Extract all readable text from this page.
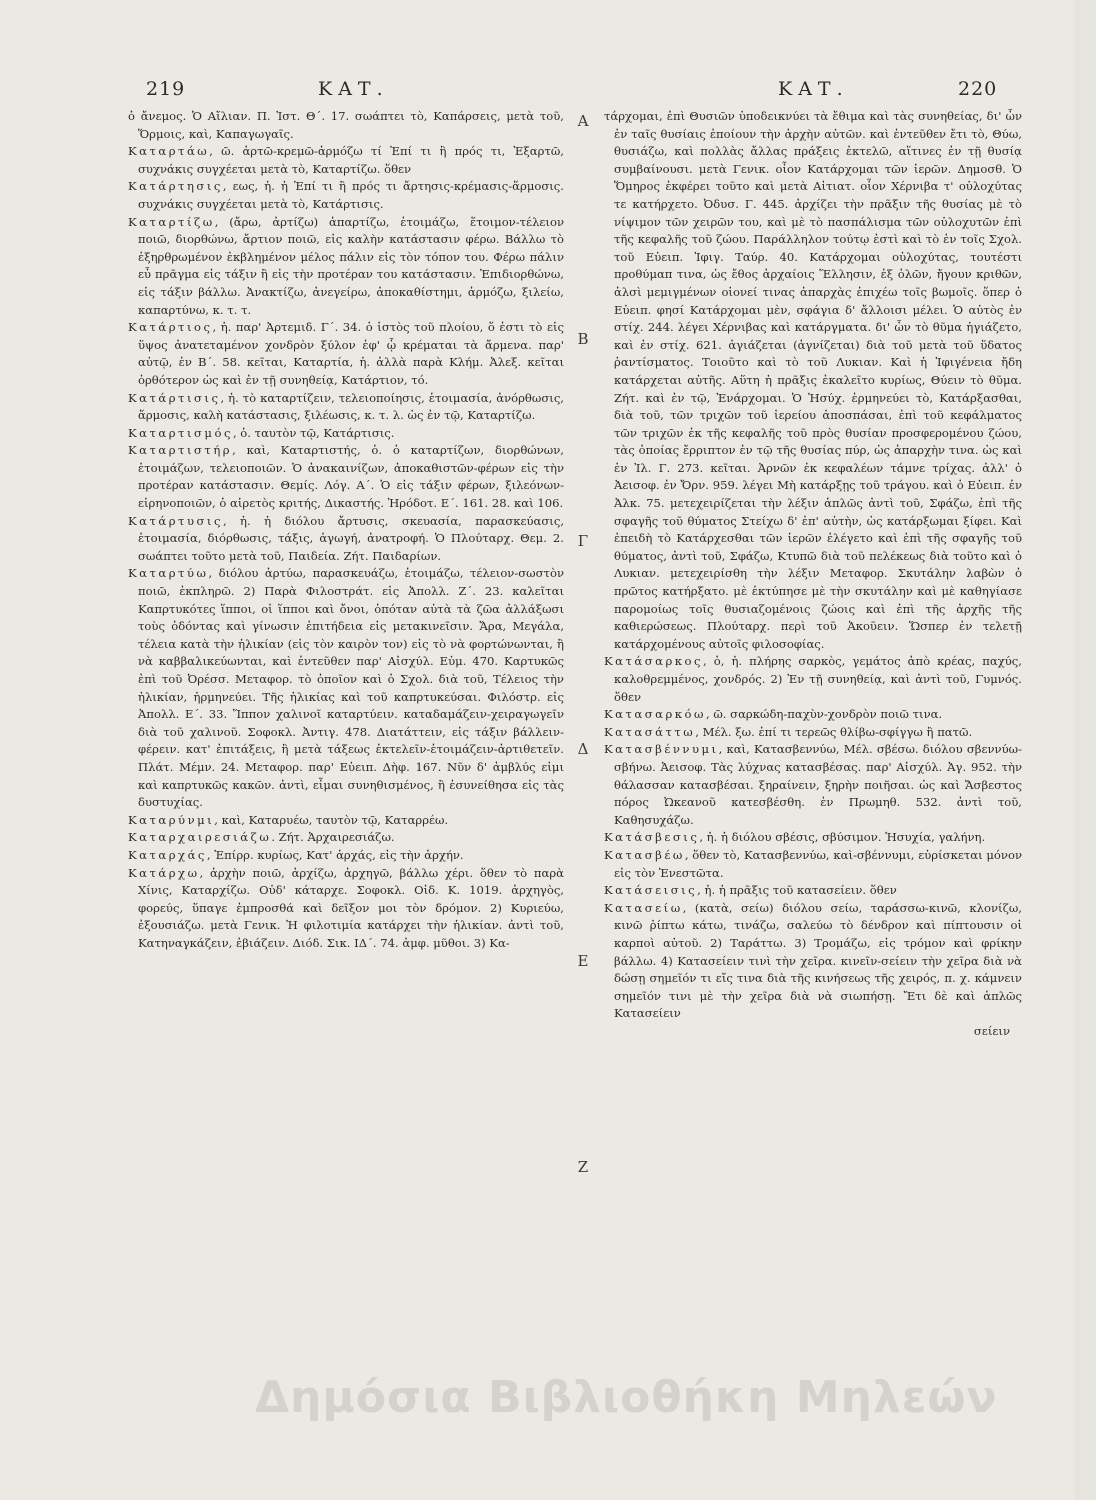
219	ΚΑΤ.	ΚΑΤ.	220

ὁ ἄνεμος. Ὁ Αἴλιαν. Π. Ἱστ. Θ΄. 17. σωάπτει τὸ, Καπάρσεις, μετὰ τοῦ, Ὅρμοις, καὶ, Καπαγωγαῖς.

Καταρτάω, ῶ. ἀρτῶ-κρεμῶ-ἁρμόζω τί Ἐπί τι ἢ πρός τι, Ἐξαρτῶ, συχνάκις συγχέεται μετὰ τὸ, Καταρτίζω. ὅθεν

Κατάρτησις, εως, ἡ. ἡ Ἐπί τι ἢ πρός τι ἄρτησις-κρέμασις-ἅρμοσις. συχνάκις συγχέεται μετὰ τὸ, Κατάρτισις.

Καταρτίζω, (ἄρω, ἀρτίζω) ἀπαρτίζω, ἑτοιμάζω, ἕτοιμον-τέλειον ποιῶ, διορθώνω, ἄρτιον ποιῶ, εἰς καλὴν κατάστασιν φέρω. Βάλλω τὸ ἐξηρθρωμένον ἐκβλημένον μέλος πάλιν εἰς τὸν τόπον του. Φέρω πάλιν εὖ πρᾶγμα εἰς τάξιν ἢ εἰς τὴν προτέραν του κατάστασιν. Ἐπιδιορθώνω, εἰς τάξιν βάλλω. Ἀνακτίζω, ἀνεγείρω, ἀποκαθίστημι, ἁρμόζω, ξιλείω, καπαρτύνω, κ. τ. τ.

Κατάρτιος, ἡ. παρ' Ἀρτεμιδ. Γ΄. 34. ὁ ἱστὸς τοῦ πλοίου, ὅ ἐστι τὸ εἰς ὕψος ἀνατεταμένον χονδρὸν ξύλον ἐφ' ᾧ κρέμαται τὰ ἄρμενα. παρ' αὐτῷ, ἐν Β΄. 58. κεῖται, Καταρτία, ἡ. ἀλλὰ παρὰ Κλήμ. Ἀλεξ. κεῖται ὀρθότερον ὡς καὶ ἐν τῇ συνηθείᾳ, Κατάρτιον, τό.

Κατάρτισις, ἡ. τὸ καταρτίζειν, τελειοποίησις, ἑτοιμασία, ἀνόρθωσις, ἅρμοσις, καλὴ κατάστασις, ξιλέωσις, κ. τ. λ. ὡς ἐν τῷ, Καταρτίζω.

Καταρτισμός, ὁ. ταυτὸν τῷ, Κατάρτισις.

Καταρτιστήρ, καὶ, Καταρτιστής, ὁ. ὁ καταρτίζων, διορθώνων, ἑτοιμάζων, τελειοποιῶν. Ὁ ἀνακαινίζων, ἀποκαθιστῶν-φέρων εἰς τὴν προτέραν κατάστασιν. Θεμίς. Λόγ. Α΄. Ὁ εἰς τάξιν φέρων, ξιλεόνων-εἰρηνοποιῶν, ὁ αἱρετὸς κριτής, Δικαστής. Ἡρόδοτ. Ε΄. 161. 28. καὶ 106.

Κατάρτυσις, ἡ. ἡ διόλου ἄρτυσις, σκευασία, παρασκεύασις, ἑτοιμασία, διόρθωσις, τάξις, ἀγωγή, ἀνατροφή. Ὁ Πλούταρχ. Θεμ. 2. σωάπτει τοῦτο μετὰ τοῦ, Παιδεία. Ζήτ. Παιδαρίων.

Καταρτύω, διόλου ἀρτύω, παρασκευάζω, ἑτοιμάζω, τέλειον-σωστὸν ποιῶ, ἐκπληρῶ. 2) Παρὰ Φιλοστράτ. εἰς Ἀπολλ. Ζ΄. 23. καλεῖται Καπρτυκότες ἵπποι, οἱ ἵπποι καὶ ὄνοι, ὁπόταν αὐτὰ τὰ ζῶα ἀλλάξωσι τοὺς ὀδόντας καὶ γίνωσιν ἐπιτήδεια εἰς μετακινεῖσιν. Ἄρα, Μεγάλα, τέλεια κατὰ τὴν ἡλικίαν (εἰς τὸν καιρὸν τον) εἰς τὸ νὰ φορτώνωνται, ἢ νὰ καββαλικεύωνται, καὶ ἐντεῦθεν παρ' Αἰσχύλ. Εὐμ. 470. Καρτυκῶς ἐπὶ τοῦ Ὀρέσσ. Μεταφορ. τὸ ὁποῖον καὶ ὁ Σχολ. διὰ τοῦ, Τέλειος τὴν ἡλικίαν, ἡρμηνεύει. Τῆς ἡλικίας καὶ τοῦ καπρτυκεύσαι. Φιλόστρ. εἰς Ἀπολλ. Ε΄. 33. Ἵππον χαλινοῖ καταρτύειν. καταδαμάζειν-χειραγωγεῖν διὰ τοῦ χαλινοῦ. Σοφοκλ. Ἀντιγ. 478. Διατάττειν, εἰς τάξιν βάλλειν-φέρειν. κατ' ἐπιτάξεις, ἢ μετὰ τάξεως ἐκτελεῖν-ἑτοιμάζειν-ἀρτιθετεῖν. Πλάτ. Μέμν. 24. Μεταφορ. παρ' Εὐειπ. Δὴφ. 167. Νῦν δ' ἀμβλύς εἰμι καὶ καπρτυκῶς κακῶν. ἀντὶ, εἶμαι συνηθισμένος, ἢ ἐσυνείθησα εἰς τὰς δυστυχίας.

Καταρύνμι, καὶ, Καταρυέω, ταυτὸν τῷ, Καταρρέω.

Καταρχαιρεσιάζω. Ζήτ. Ἀρχαιρεσιάζω.

Καταρχάς, Ἐπίρρ. κυρίως, Κατ' ἀρχάς, εἰς τὴν ἀρχήν.

Κατάρχω, ἀρχὴν ποιῶ, ἀρχίζω, ἀρχηγῶ, βάλλω χέρι. ὅθεν τὸ παρὰ Χίνις, Καταρχίζω. Οὐδ' κάταρχε. Σοφοκλ. Οἰδ. Κ. 1019. ἀρχηγὸς, φορεύς, ὕπαγε ἐμπροσθά καὶ δεῖξον μοι τὸν δρόμον. 2) Κυριεύω, ἐξουσιάζω. μετὰ Γενικ. Ἡ φιλοτιμία κατάρχει τὴν ἡλικίαν. ἀντὶ τοῦ, Κατηναγκάζειν, ἐβιάζειν. Διόδ. Σικ. ΙΔ΄. 74. ἀμφ. μῦθοι. 3) Κα-

Α
Β
Γ
Δ
Ε
Ζ

τάρχομαι, ἐπὶ Θυσιῶν ὑποδεικνύει τὰ ἔθιμα καὶ τὰς συνηθείας, δι' ὧν ἐν ταῖς θυσίαις ἐποίουν τὴν ἀρχὴν αὐτῶν. καὶ ἐντεῦθεν ἔτι τὸ, Θύω, θυσιάζω, καὶ πολλὰς ἄλλας πράξεις ἐκτελῶ, αἵτινες ἐν τῇ θυσίᾳ συμβαίνουσι. μετὰ Γενικ. οἷον Κατάρχομαι τῶν ἱερῶν. Δημοσθ. Ὁ Ὅμηρος ἐκφέρει τοῦτο καὶ μετὰ Αἰτιατ. οἷον Χέρνιβα τ' οὐλοχύτας τε κατήρχετο. Ὀδυσ. Γ. 445. ἀρχίζει τὴν πρᾶξιν τῆς θυσίας μὲ τὸ νίψιμον τῶν χειρῶν του, καὶ μὲ τὸ πασπάλισμα τῶν οὐλοχυτῶν ἐπὶ τῆς κεφαλῆς τοῦ ζώου. Παράλληλον τούτῳ ἐστὶ καὶ τὸ ἐν τοῖς Σχολ. τοῦ Εὐειπ. Ἰφιγ. Ταύρ. 40. Κατάρχομαι οὐλοχύτας, τουτέστι προθύμαπ τινα, ὡς ἔθος ἀρχαίοις Ἕλλησιν, ἐξ ὀλῶν, ἤγουν κριθῶν, ἁλσὶ μεμιγμένων οἱονεί τινας ἀπαρχὰς ἐπιχέω τοῖς βωμοῖς. ὅπερ ὁ Εὐειπ. φησί Κατάρχομαι μὲν, σφάγια δ' ἄλλοισι μέλει. Ὁ αὐτὸς ἐν στίχ. 244. λέγει Χέρνιβας καὶ κατάργματα. δι' ὧν τὸ θῦμα ἡγιάζετο, καὶ ἐν στίχ. 621. ἁγιάζεται (ἁγνίζεται) διὰ τοῦ μετὰ τοῦ ὕδατος ῥαντίσματος. Τοιοῦτο καὶ τὸ τοῦ Λυκιαν. Καὶ ἡ Ἰφιγένεια ἤδη κατάρχεται αὐτῆς. Αὕτη ἡ πρᾶξις ἐκαλεῖτο κυρίως, Θύειν τὸ θῦμα. Ζήτ. καὶ ἐν τῷ, Ἐνάρχομαι. Ὁ Ἡσύχ. ἑρμηνεύει τὸ, Κατάρξασθαι, διὰ τοῦ, τῶν τριχῶν τοῦ ἱερείου ἀποσπάσαι, ἐπὶ τοῦ κεφάλματος τῶν τριχῶν ἐκ τῆς κεφαλῆς τοῦ πρὸς θυσίαν προσφερομένου ζώου, τὰς ὁποίας ἔρριπτον ἐν τῷ τῆς θυσίας πύρ, ὡς ἀπαρχὴν τινα. ὡς καὶ ἐν Ἰλ. Γ. 273. κεῖται. Ἀρνῶν ἐκ κεφαλέων τάμνε τρίχας. ἀλλ' ὁ Ἀεισοφ. ἐν Ὄρν. 959. λέγει Μὴ κατάρξῃς τοῦ τράγου. καὶ ὁ Εὐειπ. ἐν Ἀλκ. 75. μετεχειρίζεται τὴν λέξιν ἁπλῶς ἀντὶ τοῦ, Σφάζω, ἐπὶ τῆς σφαγῆς τοῦ θύματος Στείχω δ' ἐπ' αὐτὴν, ὡς κατάρξωμαι ξίφει. Καὶ ἐπειδὴ τὸ Κατάρχεσθαι τῶν ἱερῶν ἐλέγετο καὶ ἐπὶ τῆς σφαγῆς τοῦ θύματος, ἀντὶ τοῦ, Σφάζω, Κτυπῶ διὰ τοῦ πελέκεως διὰ τοῦτο καὶ ὁ Λυκιαν. μετεχειρίσθη τὴν λέξιν Μεταφορ. Σκυτάλην λαβὼν ὁ πρῶτος κατήρξατο. μὲ ἐκτύπησε μὲ τὴν σκυτάλην καὶ μὲ καθηγίασε παρομοίως τοῖς θυσιαζομένοις ζώοις καὶ ἐπὶ τῆς ἀρχῆς τῆς καθιερώσεως. Πλούταρχ. περὶ τοῦ Ἀκοῦειν. Ὥσπερ ἐν τελετῇ κατάρχομένους αὐτοῖς φιλοσοφίας.

Κατάσαρκος, ὁ, ἡ. πλήρης σαρκὸς, γεμάτος ἀπὸ κρέας, παχύς, καλοθρεμμένος, χονδρός. 2) Ἐν τῇ συνηθείᾳ, καὶ ἀντὶ τοῦ, Γυμνός. ὅθεν

Κατασαρκόω, ῶ. σαρκώδη-παχὺν-χονδρὸν ποιῶ τινα.

Κατασάττω, Μέλ. ξω. ἐπί τι τερεῶς θλίβω-σφίγγω ἢ πατῶ.

Κατασβέννυμι, καὶ, Κατασβεννύω, Μέλ. σβέσω. διόλου σβεννύω-σβήνω. Ἀεισοφ. Τὰς λύχνας κατασβέσας. παρ' Αἰσχύλ. Ἀγ. 952. τὴν θάλασσαν κατασβέσαι. ξηραίνειν, ξηρὴν ποιῆσαι. ὡς καὶ Ἄσβεστος πόρος Ὠκεανοῦ κατεσβέσθη. ἐν Πρωμηθ. 532. ἀντὶ τοῦ, Καθησυχάζω.

Κατάσβεσις, ἡ. ἡ διόλου σβέσις, σβύσιμον. Ἡσυχία, γαλήνη.

Κατασβέω, ὅθεν τὸ, Κατασβεννύω, καὶ-σβέννυμι, εὑρίσκεται μόνον εἰς τὸν Ἐνεστῶτα.

Κατάσεισις, ἡ. ἡ πρᾶξις τοῦ κατασείειν. ὅθεν

Κατασείω, (κατὰ, σείω) διόλου σείω, ταράσσω-κινῶ, κλονίζω, κινῶ ῥίπτω κάτω, τινάζω, σαλεύω τὸ δένδρον καὶ πίπτουσιν οἱ καρποὶ αὐτοῦ. 2) Ταράττω. 3) Τρομάζω, εἰς τρόμον καὶ φρίκην βάλλω. 4) Κατασείειν τινὶ τὴν χεῖρα. κινεῖν-σείειν τὴν χεῖρα διὰ νὰ δώσῃ σημεῖόν τι εἴς τινα διὰ τῆς κινήσεως τῆς χειρός, π. χ. κάμνειν σημεῖόν τινι μὲ τὴν χεῖρα διὰ νὰ σιωπήσῃ. Ἔτι δὲ καὶ ἁπλῶς Κατασείειν

σείειν
Δημόσια Βιβλιοθήκη Μηλεών
